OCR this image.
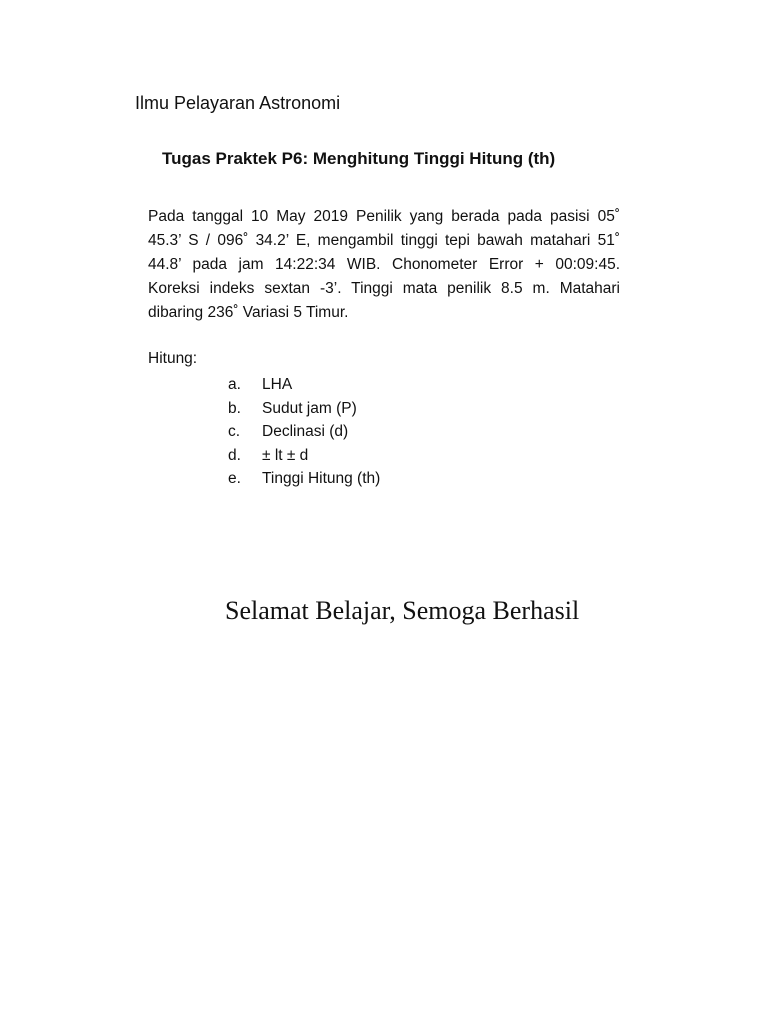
Ilmu Pelayaran Astronomi
Tugas Praktek P6: Menghitung Tinggi Hitung (th)
Pada tanggal 10 May 2019 Penilik yang berada pada pasisi 05˚
45.3’ S / 096˚ 34.2’ E, mengambil tinggi tepi bawah matahari 51˚
44.8’ pada jam 14:22:34 WIB. Chonometer Error + 00:09:45.
Koreksi indeks sextan -3’. Tinggi mata penilik 8.5 m. Matahari
dibaring 236˚ Variasi 5 Timur.
Hitung:
a.	LHA
b.	Sudut jam (P)
c.	Declinasi (d)
d.	± lt ± d
e.	Tinggi Hitung (th)
Selamat Belajar, Semoga Berhasil
